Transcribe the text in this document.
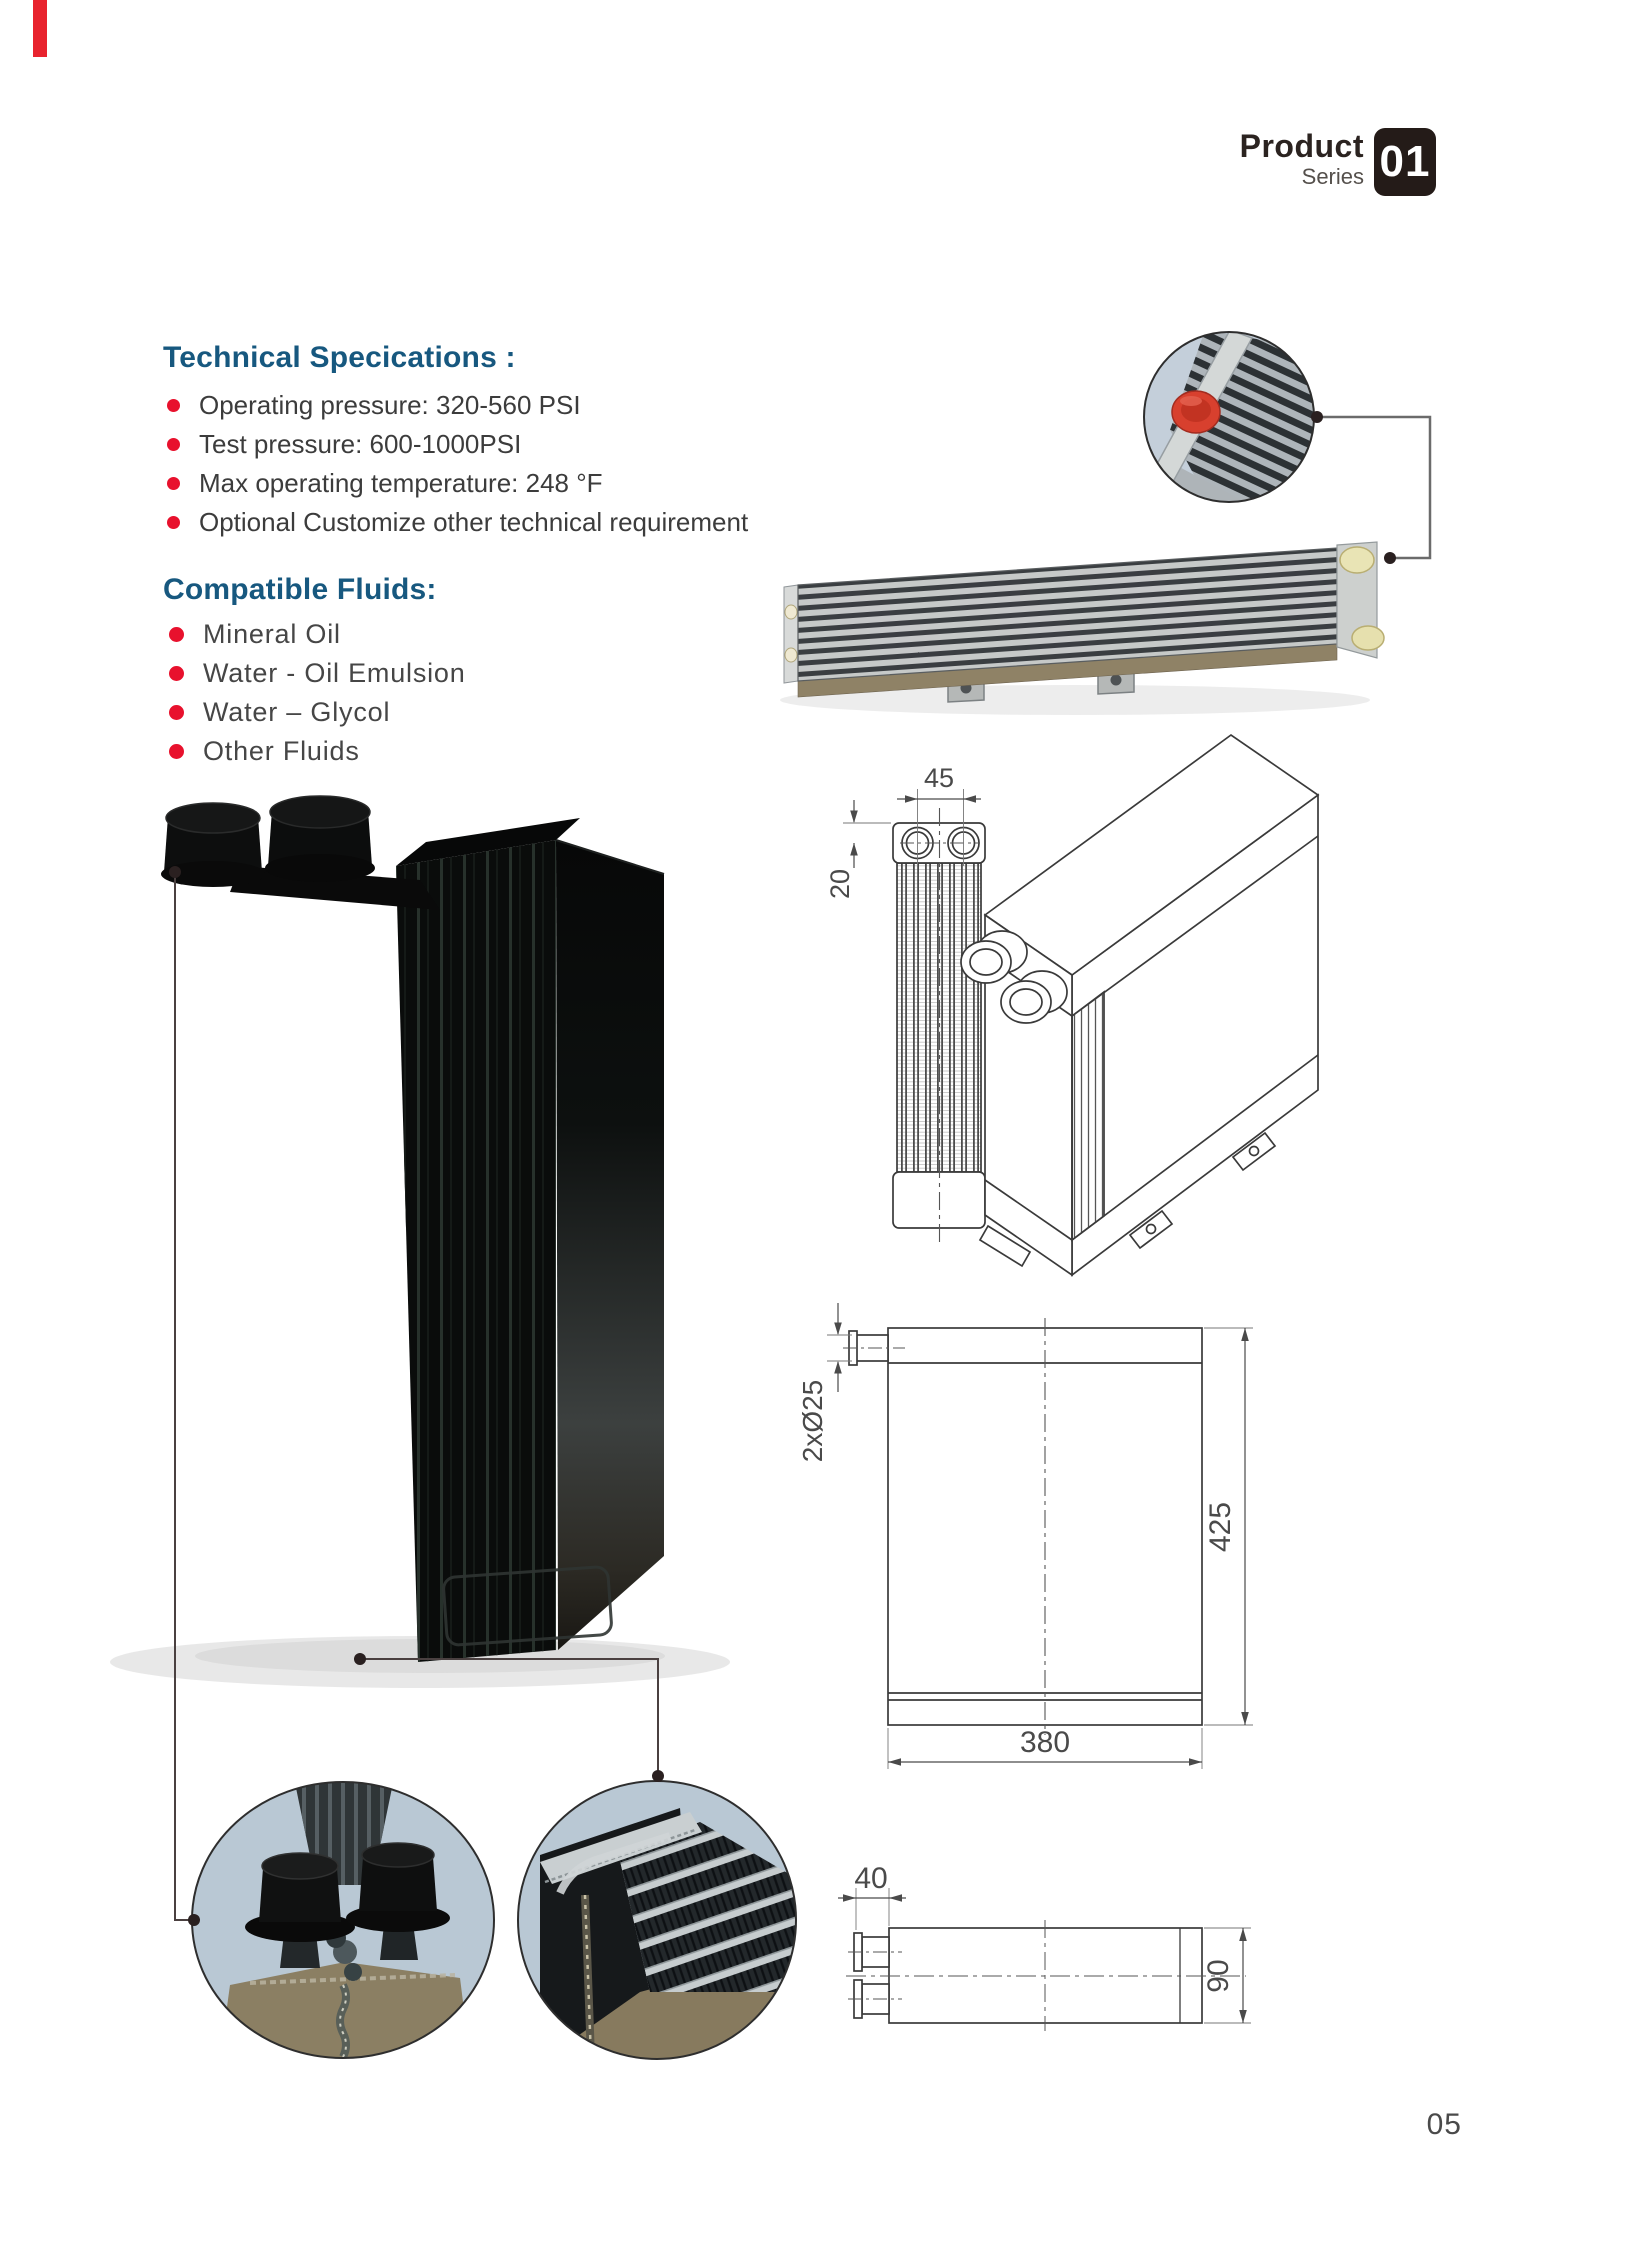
Product
Series 01
Technical Specications :
Operating pressure: 320-560 PSI
Test pressure: 600-1000PSI
Max operating temperature: 248 °F
Optional Customize other technical requirement
Compatible Fluids:
Mineral Oil
Water - Oil Emulsion
Water – Glycol
Other Fluids
45
20
2xØ25
425
380
40
90
05
